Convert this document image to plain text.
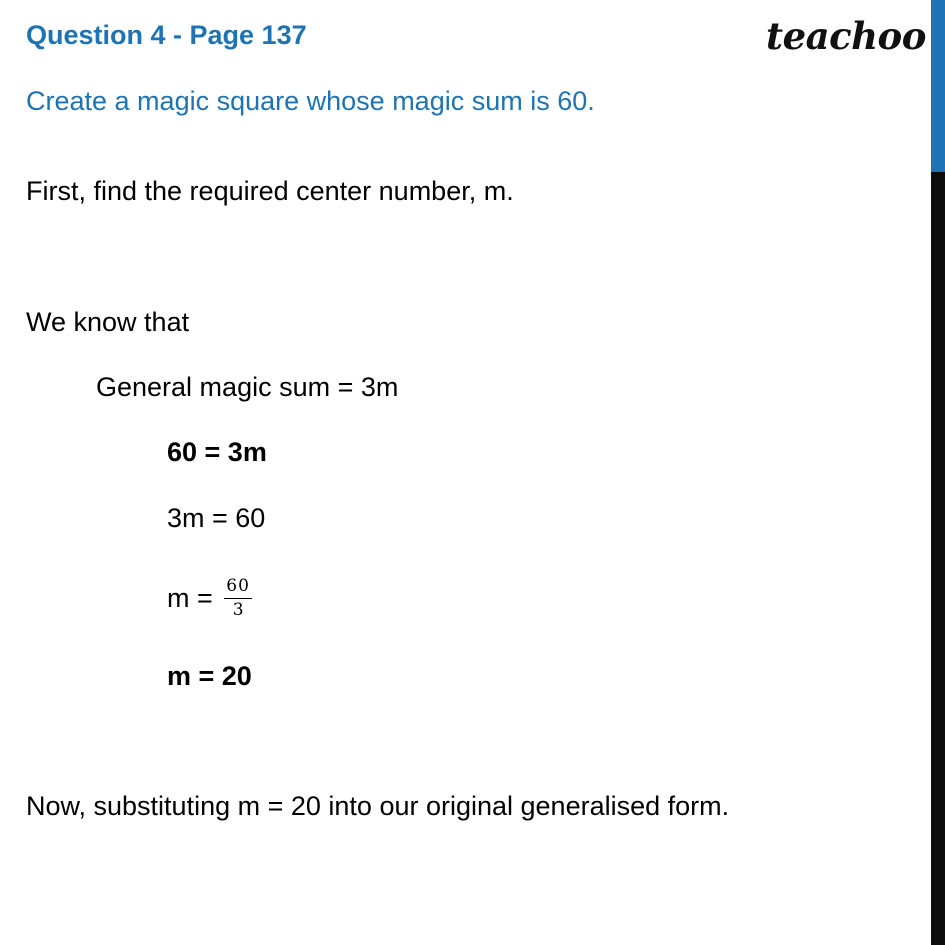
Question 4 - Page 137	teachoo
Create a magic square whose magic sum is 60.
First, find the required center number, m.
We know that
General magic sum = 3m
60 = 3m
3m = 60
$m = \frac{60}{3}$
m = 20
Now, substituting m = 20 into our original generalised form.
